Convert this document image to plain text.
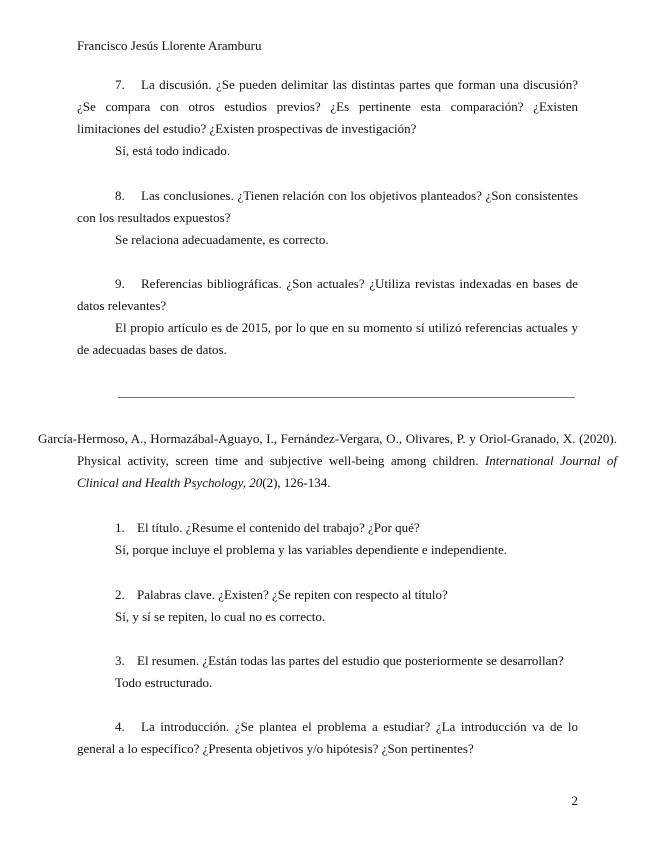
Francisco Jesús Llorente Aramburu
7. La discusión. ¿Se pueden delimitar las distintas partes que forman una discusión? ¿Se compara con otros estudios previos? ¿Es pertinente esta comparación? ¿Existen limitaciones del estudio? ¿Existen prospectivas de investigación?
Sí, está todo indicado.
8. Las conclusiones. ¿Tienen relación con los objetivos planteados? ¿Son consistentes con los resultados expuestos?
Se relaciona adecuadamente, es correcto.
9. Referencias bibliográficas. ¿Son actuales? ¿Utiliza revistas indexadas en bases de datos relevantes?
El propio artículo es de 2015, por lo que en su momento sí utilizó referencias actuales y de adecuadas bases de datos.
García-Hermoso, A., Hormazábal-Aguayo, I., Fernández-Vergara, O., Olivares, P. y Oriol-Granado, X. (2020). Physical activity, screen time and subjective well-being among children. International Journal of Clinical and Health Psychology, 20(2), 126-134.
1. El título. ¿Resume el contenido del trabajo? ¿Por qué?
Sí, porque incluye el problema y las variables dependiente e independiente.
2. Palabras clave. ¿Existen? ¿Se repiten con respecto al título?
Sí, y sí se repiten, lo cual no es correcto.
3. El resumen. ¿Están todas las partes del estudio que posteriormente se desarrollan?
Todo estructurado.
4. La introducción. ¿Se plantea el problema a estudiar? ¿La introducción va de lo general a lo específico? ¿Presenta objetivos y/o hipótesis? ¿Son pertinentes?
2
